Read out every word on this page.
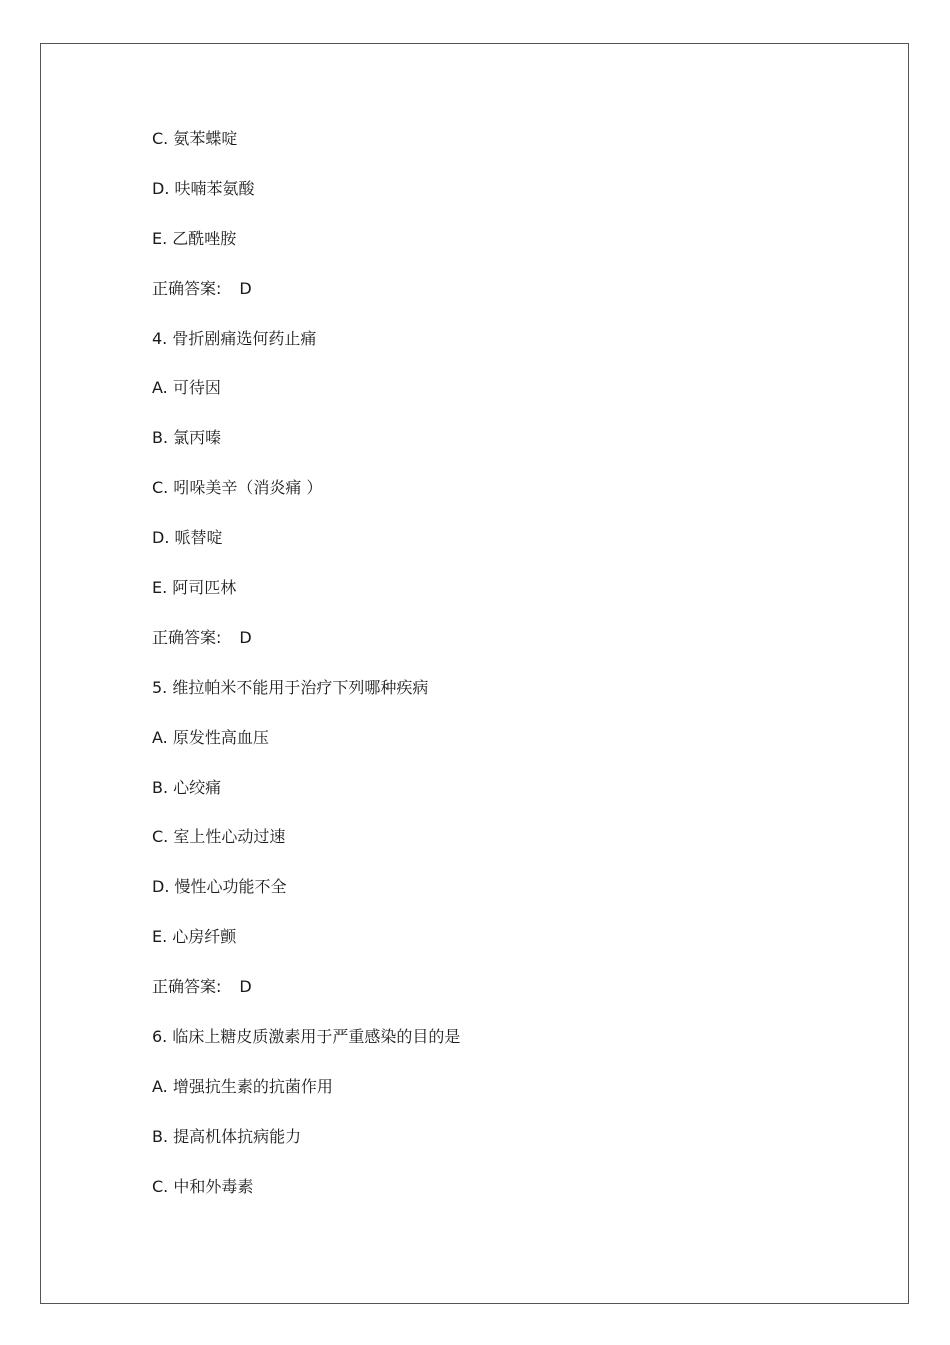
C. 氨苯蝶啶
D. 呋喃苯氨酸
E. 乙酰唑胺
正确答案: D
4. 骨折剧痛选何药止痛
A. 可待因
B. 氯丙嗪
C. 吲哚美辛（消炎痛 ）
D. 哌替啶
E. 阿司匹林
正确答案: D
5. 维拉帕米不能用于治疗下列哪种疾病
A. 原发性高血压
B. 心绞痛
C. 室上性心动过速
D. 慢性心功能不全
E. 心房纤颤
正确答案: D
6. 临床上糖皮质激素用于严重感染的目的是
A. 增强抗生素的抗菌作用
B. 提高机体抗病能力
C. 中和外毒素
